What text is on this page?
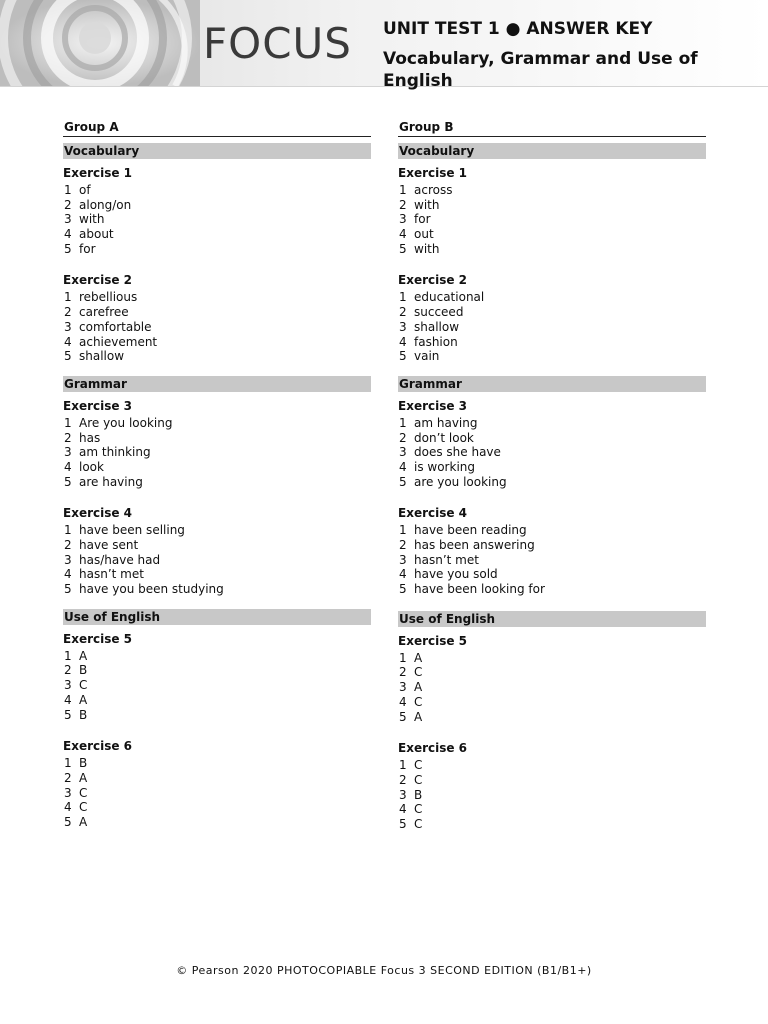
FOCUS UNIT TEST 1 ● ANSWER KEY
Vocabulary, Grammar and Use of English
Group A
Vocabulary
Exercise 1
1 of
2 along/on
3 with
4 about
5 for
Exercise 2
1 rebellious
2 carefree
3 comfortable
4 achievement
5 shallow
Grammar
Exercise 3
1 Are you looking
2 has
3 am thinking
4 look
5 are having
Exercise 4
1 have been selling
2 have sent
3 has/have had
4 hasn’t met
5 have you been studying
Use of English
Exercise 5
1 A
2 B
3 C
4 A
5 B
Exercise 6
1 B
2 A
3 C
4 C
5 A
Group B
Vocabulary
Exercise 1
1 across
2 with
3 for
4 out
5 with
Exercise 2
1 educational
2 succeed
3 shallow
4 fashion
5 vain
Grammar
Exercise 3
1 am having
2 don’t look
3 does she have
4 is working
5 are you looking
Exercise 4
1 have been reading
2 has been answering
3 hasn’t met
4 have you sold
5 have been looking for
Use of English
Exercise 5
1 A
2 C
3 A
4 C
5 A
Exercise 6
1 C
2 C
3 B
4 C
5 C
© Pearson 2020 PHOTOCOPIABLE Focus 3 SECOND EDITION (B1/B1+)
